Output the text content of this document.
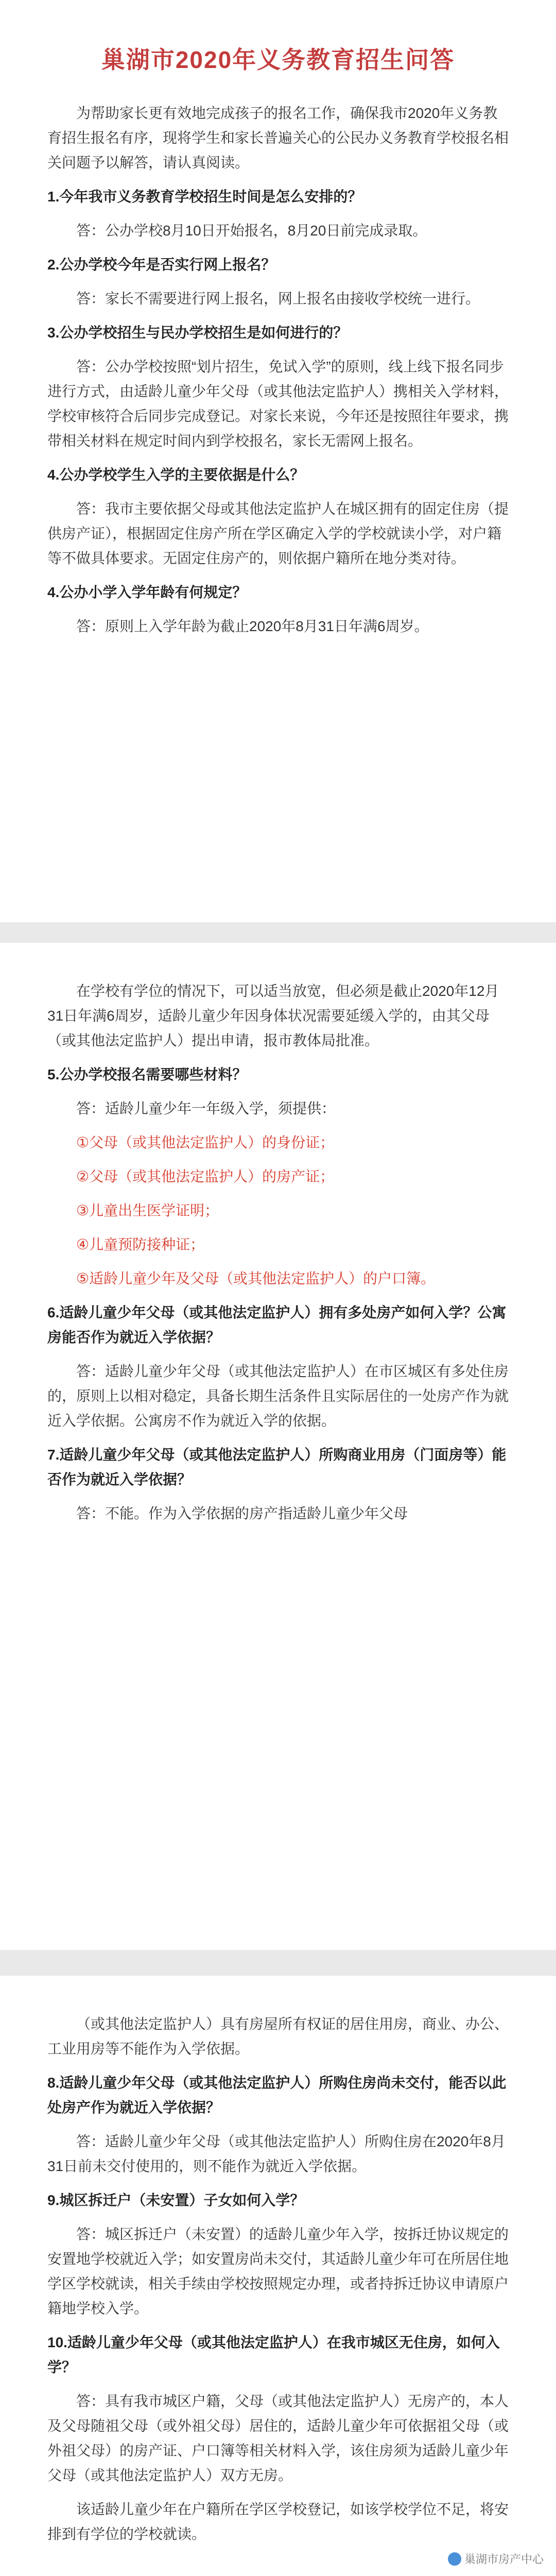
巢湖市2020年义务教育招生问答

为帮助家长更有效地完成孩子的报名工作，确保我市2020年义务教育招生报名有序，现将学生和家长普遍关心的公民办义务教育学校报名相关问题予以解答，请认真阅读。

1.今年我市义务教育学校招生时间是怎么安排的？

答：公办学校8月10日开始报名，8月20日前完成录取。

2.公办学校今年是否实行网上报名？

答：家长不需要进行网上报名，网上报名由接收学校统一进行。

3.公办学校招生与民办学校招生是如何进行的？

答：公办学校按照“划片招生，免试入学”的原则，线上线下报名同步进行方式，由适龄儿童少年父母（或其他法定监护人）携相关入学材料，学校审核符合后同步完成登记。对家长来说，今年还是按照往年要求，携带相关材料在规定时间内到学校报名，家长无需网上报名。

4.公办学校学生入学的主要依据是什么？

答：我市主要依据父母或其他法定监护人在城区拥有的固定住房（提供房产证），根据固定住房产所在学区确定入学的学校就读小学，对户籍等不做具体要求。无固定住房产的，则依据户籍所在地分类对待。

4.公办小学入学年龄有何规定？

答：原则上入学年龄为截止2020年8月31日年满6周岁。

在学校有学位的情况下，可以适当放宽，但必须是截止2020年12月31日年满6周岁，适龄儿童少年因身体状况需要延缓入学的，由其父母（或其他法定监护人）提出申请，报市教体局批准。

5.公办学校报名需要哪些材料？

答：适龄儿童少年一年级入学，须提供：

①父母（或其他法定监护人）的身份证；

②父母（或其他法定监护人）的房产证；

③儿童出生医学证明；

④儿童预防接种证；

⑤适龄儿童少年及父母（或其他法定监护人）的户口簿。

6.适龄儿童少年父母（或其他法定监护人）拥有多处房产如何入学？公寓房能否作为就近入学依据？

答：适龄儿童少年父母（或其他法定监护人）在市区城区有多处住房的，原则上以相对稳定，具备长期生活条件且实际居住的一处房产作为就近入学依据。公寓房不作为就近入学的依据。

7.适龄儿童少年父母（或其他法定监护人）所购商业用房（门面房等）能否作为就近入学依据？

答：不能。作为入学依据的房产指适龄儿童少年父母

（或其他法定监护人）具有房屋所有权证的居住用房，商业、办公、工业用房等不能作为入学依据。

8.适龄儿童少年父母（或其他法定监护人）所购住房尚未交付，能否以此处房产作为就近入学依据？

答：适龄儿童少年父母（或其他法定监护人）所购住房在2020年8月31日前未交付使用的，则不能作为就近入学依据。

9.城区拆迁户（未安置）子女如何入学？

答：城区拆迁户（未安置）的适龄儿童少年入学，按拆迁协议规定的安置地学校就近入学；如安置房尚未交付，其适龄儿童少年可在所居住地学区学校就读，相关手续由学校按照规定办理，或者持拆迁协议申请原户籍地学校入学。

10.适龄儿童少年父母（或其他法定监护人）在我市城区无住房，如何入学？

答：具有我市城区户籍，父母（或其他法定监护人）无房产的，本人及父母随祖父母（或外祖父母）居住的，适龄儿童少年可依据祖父母（或外祖父母）的房产证、户口簿等相关材料入学，该住房须为适龄儿童少年父母（或其他法定监护人）双方无房。

该适龄儿童少年在户籍所在学区学校登记，如该学校学位不足，将安排到有学位的学校就读。

巢湖市房产中心
